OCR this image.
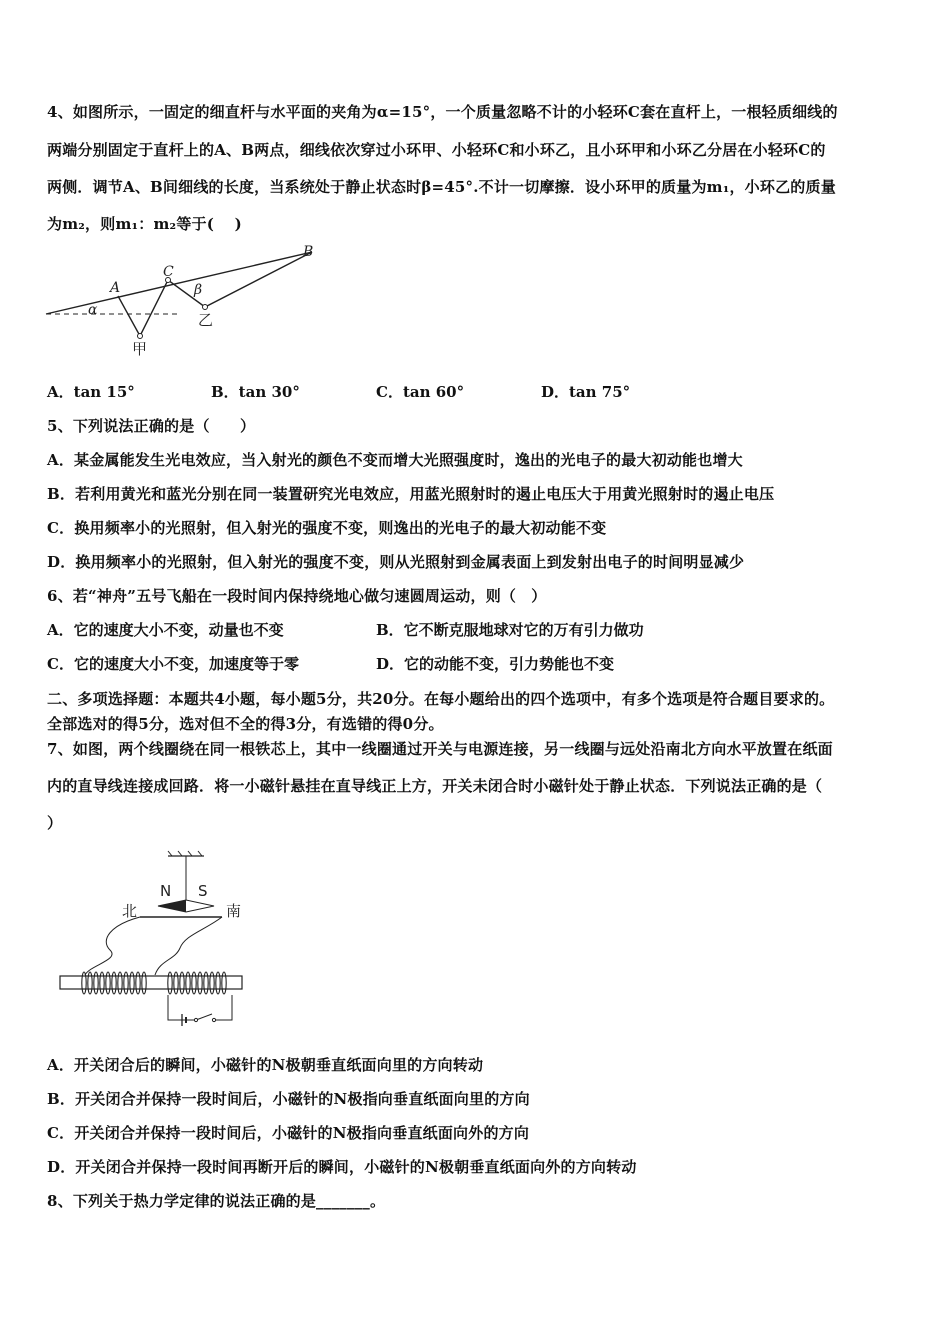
4、如图所示，一固定的细直杆与水平面的夹角为α=15°，一个质量忽略不计的小轻环C套在直杆上，一根轻质细线的
两端分别固定于直杆上的A、B两点，细线依次穿过小环甲、小轻环C和小环乙，且小环甲和小环乙分居在小轻环C的
两侧．调节A、B间细线的长度，当系统处于静止状态时β=45°.不计一切摩擦．设小环甲的质量为m₁，小环乙的质量
为m₂，则m₁：m₂等于(　 )
A
B
C
α
β
甲
乙
A．tan 15°	B．tan 30°	C．tan 60°	D．tan 75°
5、下列说法正确的是（　　）
A．某金属能发生光电效应，当入射光的颜色不变而增大光照强度时，逸出的光电子的最大初动能也增大
B．若利用黄光和蓝光分别在同一装置研究光电效应，用蓝光照射时的遏止电压大于用黄光照射时的遏止电压
C．换用频率小的光照射，但入射光的强度不变，则逸出的光电子的最大初动能不变
D．换用频率小的光照射，但入射光的强度不变，则从光照射到金属表面上到发射出电子的时间明显减少
6、若“神舟”五号飞船在一段时间内保持绕地心做匀速圆周运动，则（　）
A．它的速度大小不变，动量也不变	B．它不断克服地球对它的万有引力做功
C．它的速度大小不变，加速度等于零	D．它的动能不变，引力势能也不变
二、多项选择题：本题共4小题，每小题5分，共20分。在每小题给出的四个选项中，有多个选项是符合题目要求的。
全部选对的得5分，选对但不全的得3分，有选错的得0分。
7、如图，两个线圈绕在同一根铁芯上，其中一线圈通过开关与电源连接，另一线圈与远处沿南北方向水平放置在纸面
内的直导线连接成回路．将一小磁针悬挂在直导线正上方，开关未闭合时小磁针处于静止状态．下列说法正确的是（
）
N S
北	南
A．开关闭合后的瞬间，小磁针的N极朝垂直纸面向里的方向转动
B．开关闭合并保持一段时间后，小磁针的N极指向垂直纸面向里的方向
C．开关闭合并保持一段时间后，小磁针的N极指向垂直纸面向外的方向
D．开关闭合并保持一段时间再断开后的瞬间，小磁针的N极朝垂直纸面向外的方向转动
8、下列关于热力学定律的说法正确的是_______。
